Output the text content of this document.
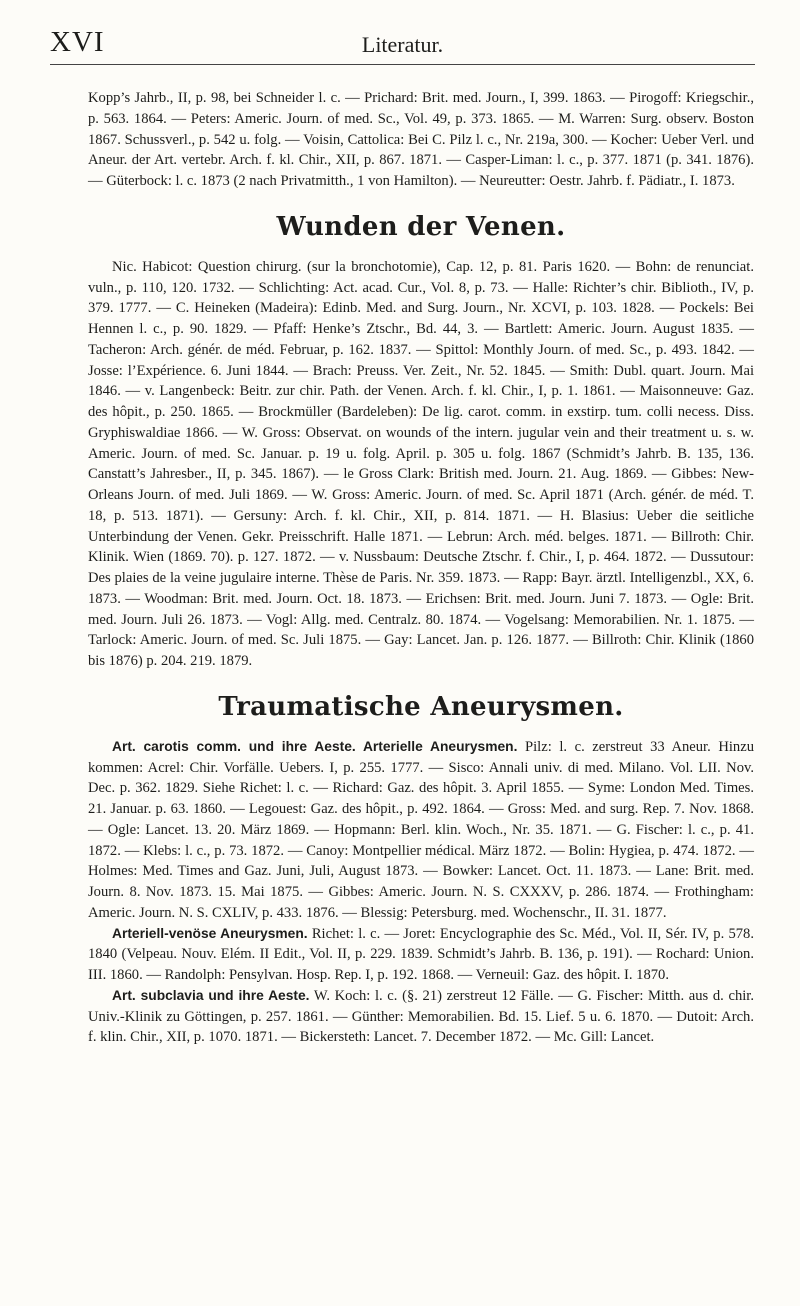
XVI	Literatur.

Kopp’s Jahrb., II, p. 98, bei Schneider l. c. — Prichard: Brit. med. Journ., I, 399. 1863. — Pirogoff: Kriegschir., p. 563. 1864. — Peters: Americ. Journ. of med. Sc., Vol. 49, p. 373. 1865. — M. Warren: Surg. observ. Boston 1867. Schussverl., p. 542 u. folg. — Voisin, Cattolica: Bei C. Pilz l. c., Nr. 219a, 300. — Kocher: Ueber Verl. und Aneur. der Art. vertebr. Arch. f. kl. Chir., XII, p. 867. 1871. — Casper-Liman: l. c., p. 377. 1871 (p. 341. 1876). — Güterbock: l. c. 1873 (2 nach Privatmitth., 1 von Hamilton). — Neureutter: Oestr. Jahrb. f. Pädiatr., I. 1873.

Wunden der Venen.

Nic. Habicot: Question chirurg. (sur la bronchotomie), Cap. 12, p. 81. Paris 1620. — Bohn: de renunciat. vuln., p. 110, 120. 1732. — Schlichting: Act. acad. Cur., Vol. 8, p. 73. — Halle: Richter’s chir. Biblioth., IV, p. 379. 1777. — C. Heineken (Madeira): Edinb. Med. and Surg. Journ., Nr. XCVI, p. 103. 1828. — Pockels: Bei Hennen l. c., p. 90. 1829. — Pfaff: Henke’s Ztschr., Bd. 44, 3. — Bartlett: Americ. Journ. August 1835. — Tacheron: Arch. génér. de méd. Februar, p. 162. 1837. — Spittol: Monthly Journ. of med. Sc., p. 493. 1842. — Josse: l’Expérience. 6. Juni 1844. — Brach: Preuss. Ver. Zeit., Nr. 52. 1845. — Smith: Dubl. quart. Journ. Mai 1846. — v. Langenbeck: Beitr. zur chir. Path. der Venen. Arch. f. kl. Chir., I, p. 1. 1861. — Maisonneuve: Gaz. des hôpit., p. 250. 1865. — Brockmüller (Bardeleben): De lig. carot. comm. in exstirp. tum. colli necess. Diss. Gryphiswaldiae 1866. — W. Gross: Observat. on wounds of the intern. jugular vein and their treatment u. s. w. Americ. Journ. of med. Sc. Januar. p. 19 u. folg. April. p. 305 u. folg. 1867 (Schmidt’s Jahrb. B. 135, 136. Canstatt’s Jahresber., II, p. 345. 1867). — le Gross Clark: British med. Journ. 21. Aug. 1869. — Gibbes: New-Orleans Journ. of med. Juli 1869. — W. Gross: Americ. Journ. of med. Sc. April 1871 (Arch. génér. de méd. T. 18, p. 513. 1871). — Gersuny: Arch. f. kl. Chir., XII, p. 814. 1871. — H. Blasius: Ueber die seitliche Unterbindung der Venen. Gekr. Preisschrift. Halle 1871. — Lebrun: Arch. méd. belges. 1871. — Billroth: Chir. Klinik. Wien (1869. 70). p. 127. 1872. — v. Nussbaum: Deutsche Ztschr. f. Chir., I, p. 464. 1872. — Dussutour: Des plaies de la veine jugulaire interne. Thèse de Paris. Nr. 359. 1873. — Rapp: Bayr. ärztl. Intelligenzbl., XX, 6. 1873. — Woodman: Brit. med. Journ. Oct. 18. 1873. — Erichsen: Brit. med. Journ. Juni 7. 1873. — Ogle: Brit. med. Journ. Juli 26. 1873. — Vogl: Allg. med. Centralz. 80. 1874. — Vogelsang: Memorabilien. Nr. 1. 1875. — Tarlock: Americ. Journ. of med. Sc. Juli 1875. — Gay: Lancet. Jan. p. 126. 1877. — Billroth: Chir. Klinik (1860 bis 1876) p. 204. 219. 1879.

Traumatische Aneurysmen.

Art. carotis comm. und ihre Aeste. Arterielle Aneurysmen. Pilz: l. c. zerstreut 33 Aneur. Hinzu kommen: Acrel: Chir. Vorfälle. Uebers. I, p. 255. 1777. — Sisco: Annali univ. di med. Milano. Vol. LII. Nov. Dec. p. 362. 1829. Siehe Richet: l. c. — Richard: Gaz. des hôpit. 3. April 1855. — Syme: London Med. Times. 21. Januar. p. 63. 1860. — Legouest: Gaz. des hôpit., p. 492. 1864. — Gross: Med. and surg. Rep. 7. Nov. 1868. — Ogle: Lancet. 13. 20. März 1869. — Hopmann: Berl. klin. Woch., Nr. 35. 1871. — G. Fischer: l. c., p. 41. 1872. — Klebs: l. c., p. 73. 1872. — Canoy: Montpellier médical. März 1872. — Bolin: Hygiea, p. 474. 1872. — Holmes: Med. Times and Gaz. Juni, Juli, August 1873. — Bowker: Lancet. Oct. 11. 1873. — Lane: Brit. med. Journ. 8. Nov. 1873. 15. Mai 1875. — Gibbes: Americ. Journ. N. S. CXXXV, p. 286. 1874. — Frothingham: Americ. Journ. N. S. CXLIV, p. 433. 1876. — Blessig: Petersburg. med. Wochenschr., II. 31. 1877.

Arteriell-venöse Aneurysmen. Richet: l. c. — Joret: Encyclographie des Sc. Méd., Vol. II, Sér. IV, p. 578. 1840 (Velpeau. Nouv. Elém. II Edit., Vol. II, p. 229. 1839. Schmidt’s Jahrb. B. 136, p. 191). — Rochard: Union. III. 1860. — Randolph: Pensylvan. Hosp. Rep. I, p. 192. 1868. — Verneuil: Gaz. des hôpit. I. 1870.

Art. subclavia und ihre Aeste. W. Koch: l. c. (§. 21) zerstreut 12 Fälle. — G. Fischer: Mitth. aus d. chir. Univ.-Klinik zu Göttingen, p. 257. 1861. — Günther: Memorabilien. Bd. 15. Lief. 5 u. 6. 1870. — Dutoit: Arch. f. klin. Chir., XII, p. 1070. 1871. — Bickersteth: Lancet. 7. December 1872. — Mc. Gill: Lancet.
